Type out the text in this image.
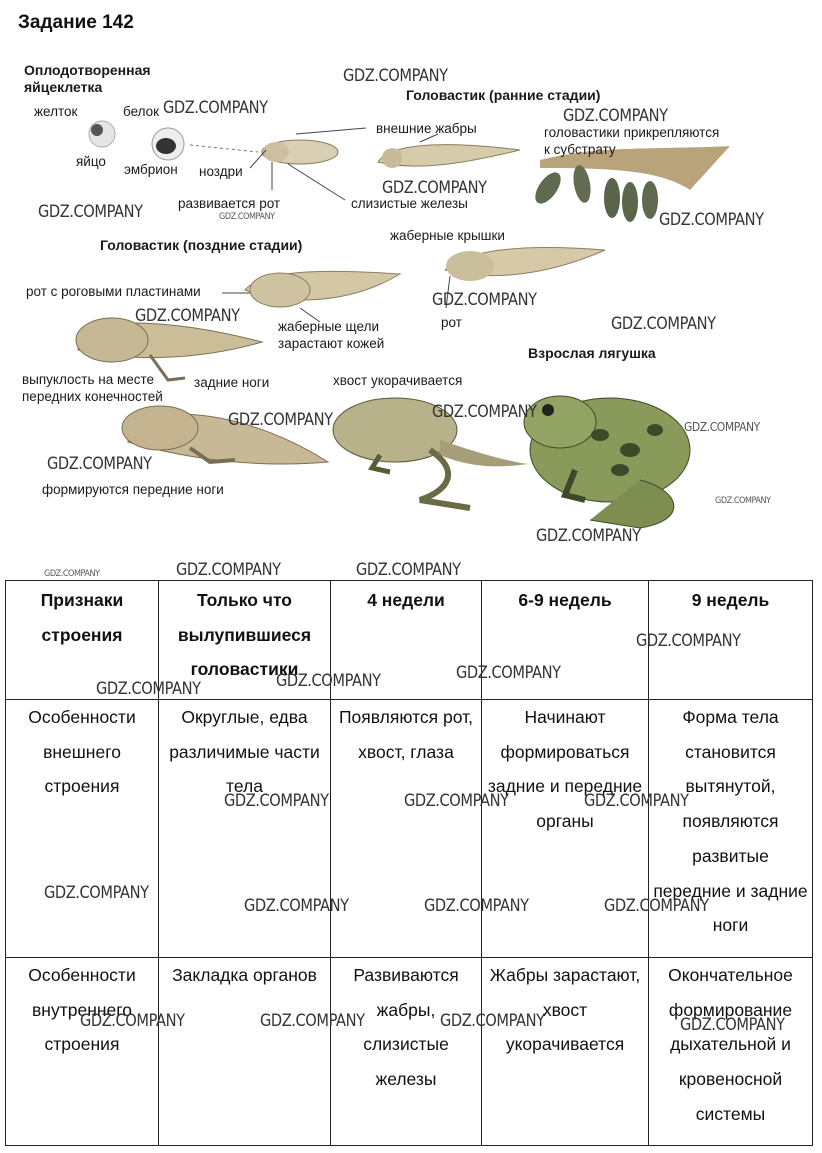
Задание 142
Оплодотворенная
яйцеклетка
желток	белок
яйцо
эмбрион ноздри
развивается рот
внешние жабры
слизистые железы
Головастик (ранние стадии)
головастики прикрепляются
к субстрату
Головастик (поздние стадии)
жаберные крышки
рот с роговыми пластинами
жаберные щели
зарастают кожей
рот
Взрослая лягушка
выпуклость на месте
передних конечностей
задние ноги	хвост укорачивается
формируются передние ноги
GDZ.COMPANY
GDZ.COMPANY	GDZ.COMPANY
GDZ.COMPANY
GDZ.COMPANY	GDZ.COMPANY	GDZ.COMPANY
GDZ.COMPANY
GDZ.COMPANY	GDZ.COMPANY
GDZ.COMPANY
GDZ.COMPANY	GDZ.COMPANY
GDZ.COMPANY
GDZ.COMPANY
GDZ.COMPANY
GDZ.COMPANY	GDZ.COMPANY	GDZ.COMPANY
GDZ.COMPANY
GDZ.COMPANY
GDZ.COMPANY
GDZ.COMPANY
GDZ.COMPANY	GDZ.COMPANY	GDZ.COMPANY
GDZ.COMPANY
GDZ.COMPANY	GDZ.COMPANY	GDZ.COMPANY
GDZ.COMPANY	GDZ.COMPANY	GDZ.COMPANY	GDZ.COMPANY
Признаки строения	Только что вылупившиеся головастики	4 недели	6-9 недель	9 недель
Особенности внешнего строения	Округлые, едва различимые части тела	Появляются рот, хвост, глаза	Начинают формироваться задние и передние органы	Форма тела становится вытянутой, появляются развитые передние и задние ноги
Особенности внутреннего строения	Закладка органов	Развиваются жабры, слизистые железы	Жабры зарастают, хвост укорачивается	Окончательное формирование дыхательной и кровеносной системы
